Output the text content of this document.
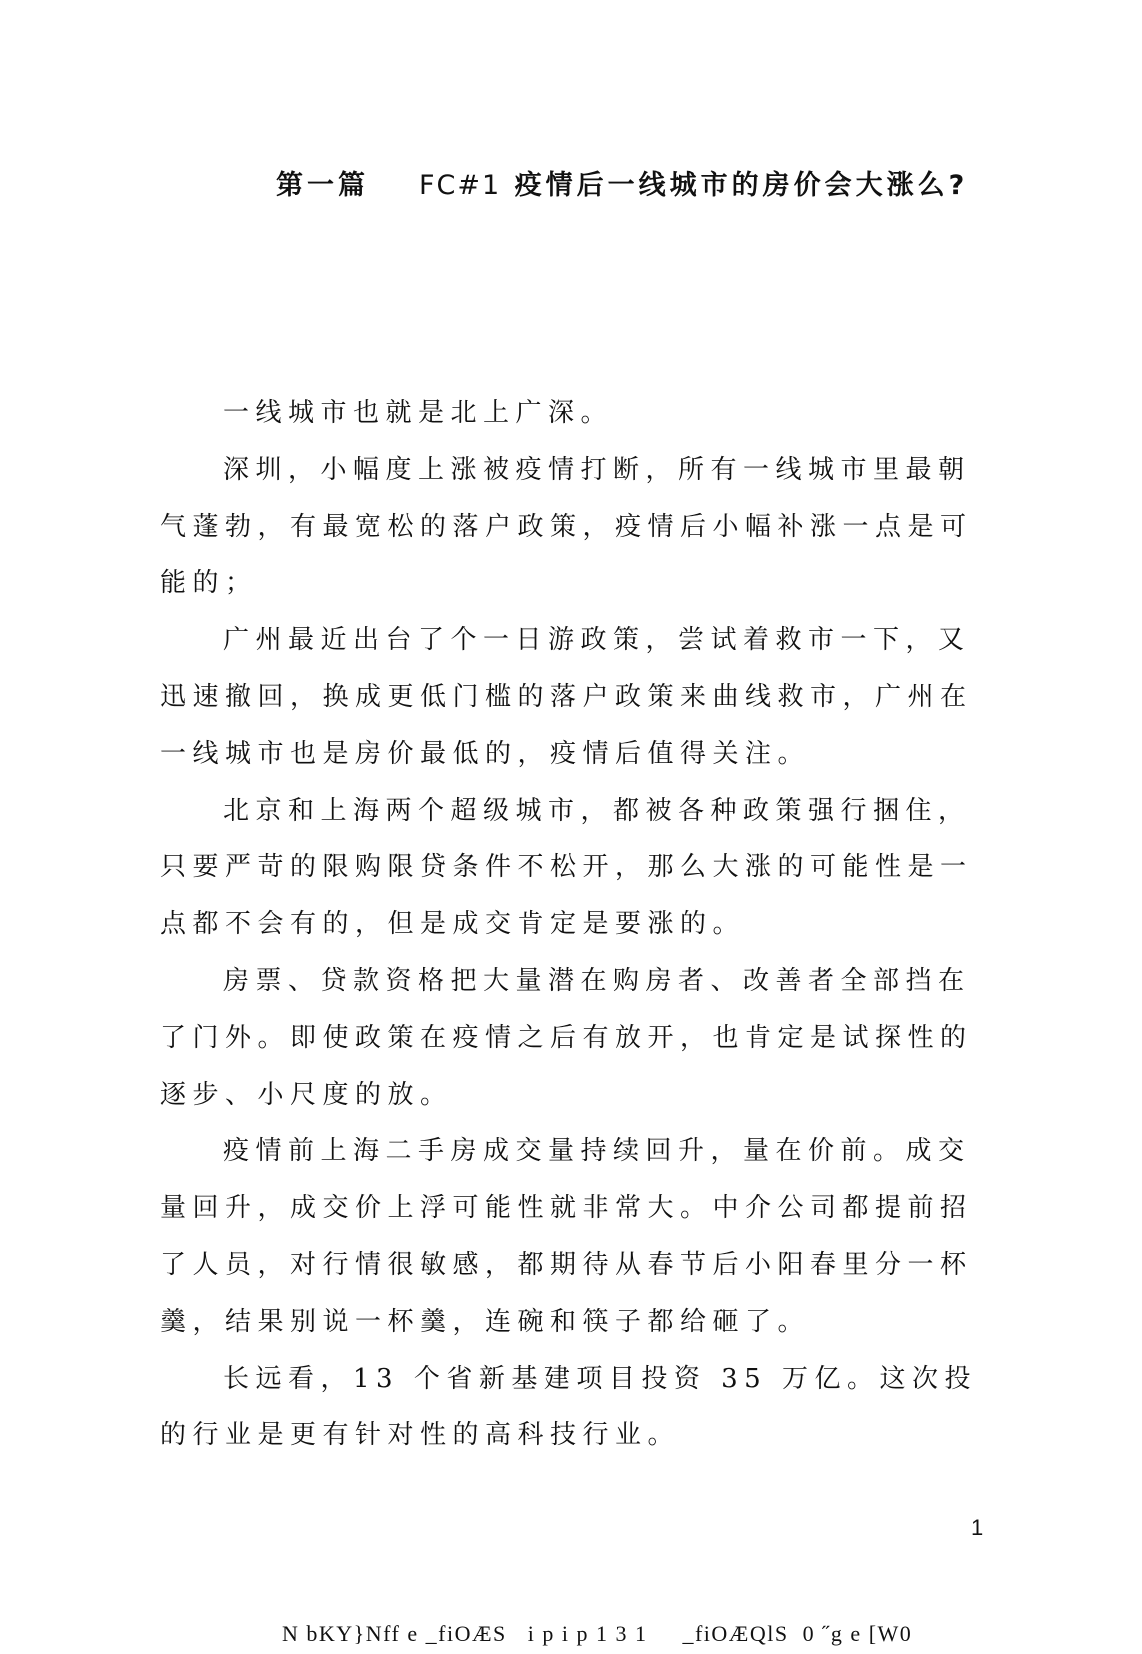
第一篇 FC#1 疫情后一线城市的房价会大涨么?

一线城市也就是北上广深。

深圳，小幅度上涨被疫情打断，所有一线城市里最朝气蓬勃，有最宽松的落户政策，疫情后小幅补涨一点是可能的；

广州最近出台了个一日游政策，尝试着救市一下，又迅速撤回，换成更低门槛的落户政策来曲线救市，广州在一线城市也是房价最低的，疫情后值得关注。

北京和上海两个超级城市，都被各种政策强行捆住，只要严苛的限购限贷条件不松开，那么大涨的可能性是一点都不会有的，但是成交肯定是要涨的。

房票、贷款资格把大量潜在购房者、改善者全部挡在了门外。即使政策在疫情之后有放开，也肯定是试探性的逐步、小尺度的放。

疫情前上海二手房成交量持续回升，量在价前。成交量回升，成交价上浮可能性就非常大。中介公司都提前招了人员，对行情很敏感，都期待从春节后小阳春里分一杯羹，结果别说一杯羹，连碗和筷子都给砸了。

长远看，13 个省新基建项目投资 35 万亿。这次投的行业是更有针对性的高科技行业。

1
N bKY}Nff e _fiOÆS   i p i p 1 3 1     _fiOÆQlS  0 ˝g e [W0
